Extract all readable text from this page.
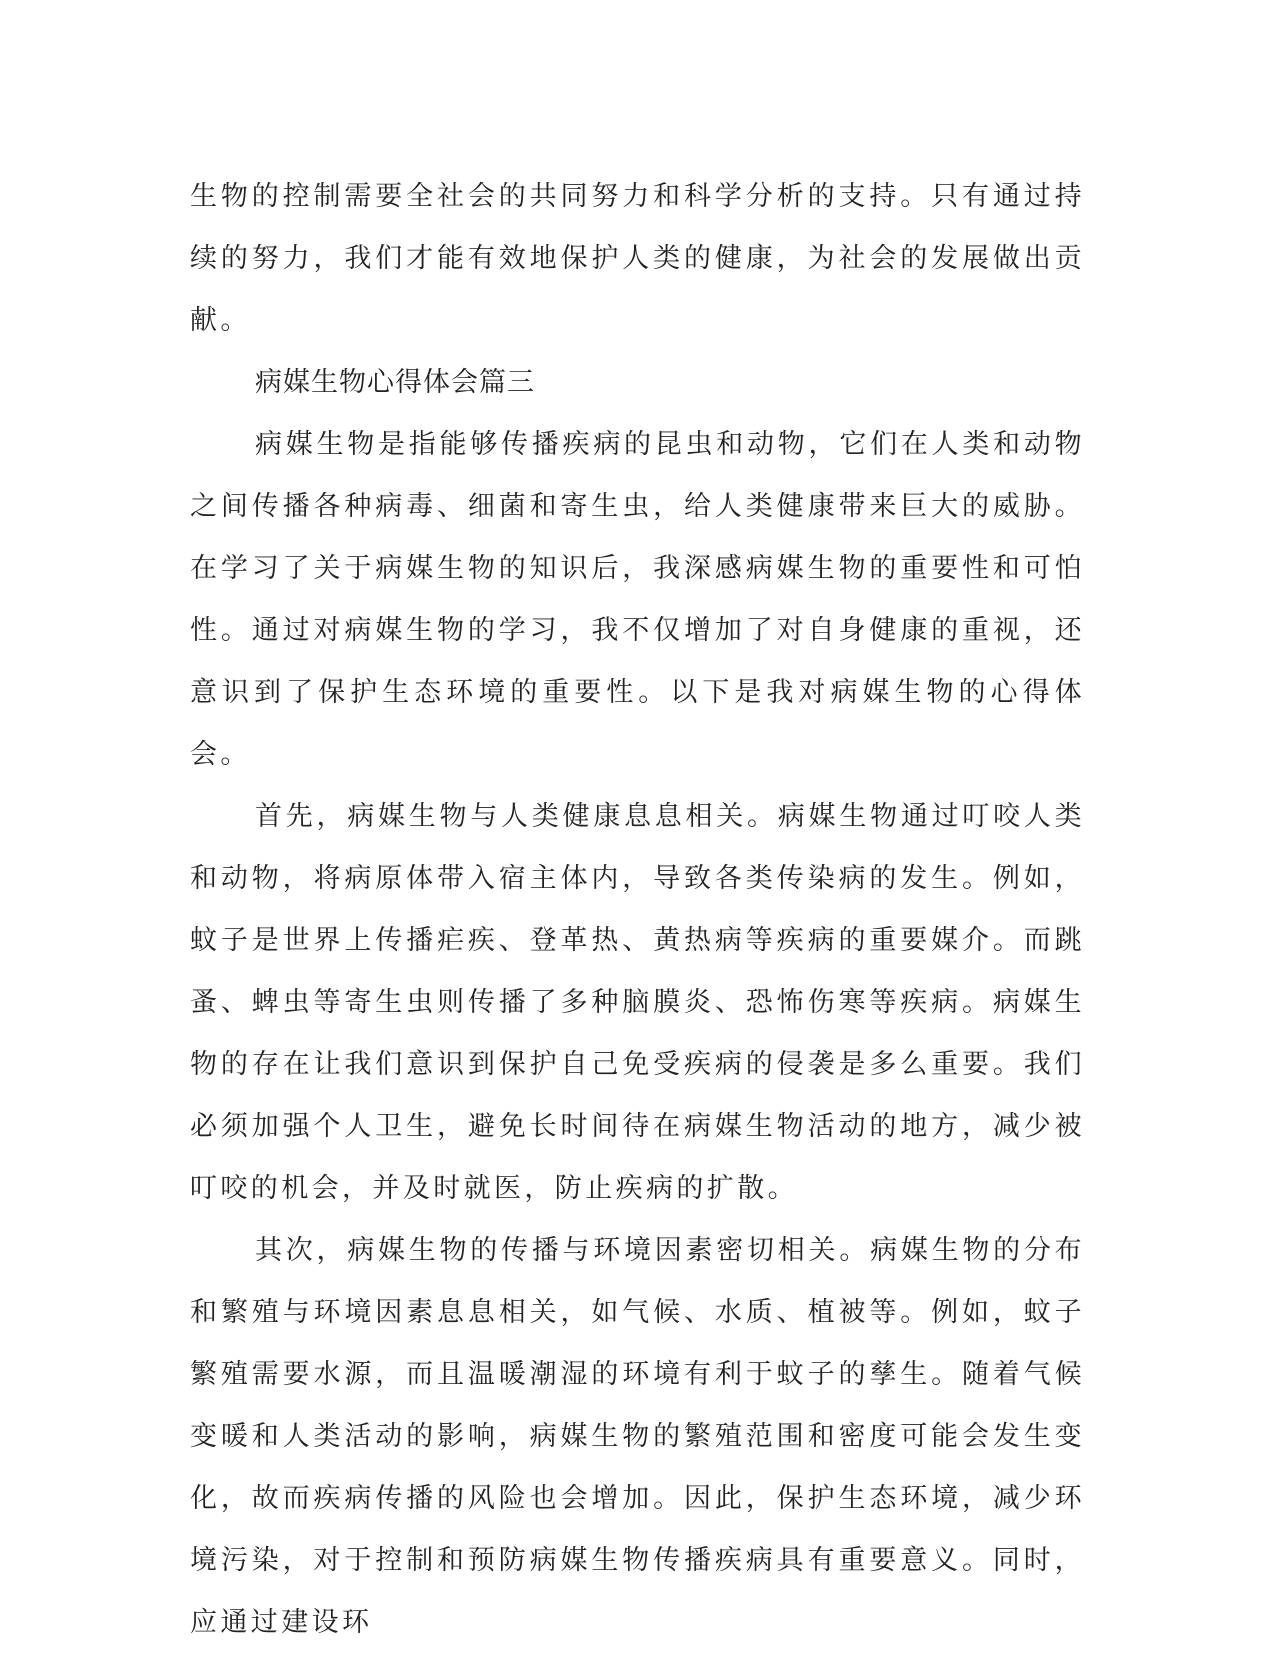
生物的控制需要全社会的共同努力和科学分析的支持。只有通过持续的努力，我们才能有效地保护人类的健康，为社会的发展做出贡献。

病媒生物心得体会篇三

病媒生物是指能够传播疾病的昆虫和动物，它们在人类和动物之间传播各种病毒、细菌和寄生虫，给人类健康带来巨大的威胁。在学习了关于病媒生物的知识后，我深感病媒生物的重要性和可怕性。通过对病媒生物的学习，我不仅增加了对自身健康的重视，还意识到了保护生态环境的重要性。以下是我对病媒生物的心得体会。

首先，病媒生物与人类健康息息相关。病媒生物通过叮咬人类和动物，将病原体带入宿主体内，导致各类传染病的发生。例如，蚊子是世界上传播疟疾、登革热、黄热病等疾病的重要媒介。而跳蚤、蜱虫等寄生虫则传播了多种脑膜炎、恐怖伤寒等疾病。病媒生物的存在让我们意识到保护自己免受疾病的侵袭是多么重要。我们必须加强个人卫生，避免长时间待在病媒生物活动的地方，减少被叮咬的机会，并及时就医，防止疾病的扩散。

其次，病媒生物的传播与环境因素密切相关。病媒生物的分布和繁殖与环境因素息息相关，如气候、水质、植被等。例如，蚊子繁殖需要水源，而且温暖潮湿的环境有利于蚊子的孳生。随着气候变暖和人类活动的影响，病媒生物的繁殖范围和密度可能会发生变化，故而疾病传播的风险也会增加。因此，保护生态环境，减少环境污染，对于控制和预防病媒生物传播疾病具有重要意义。同时，应通过建设环
